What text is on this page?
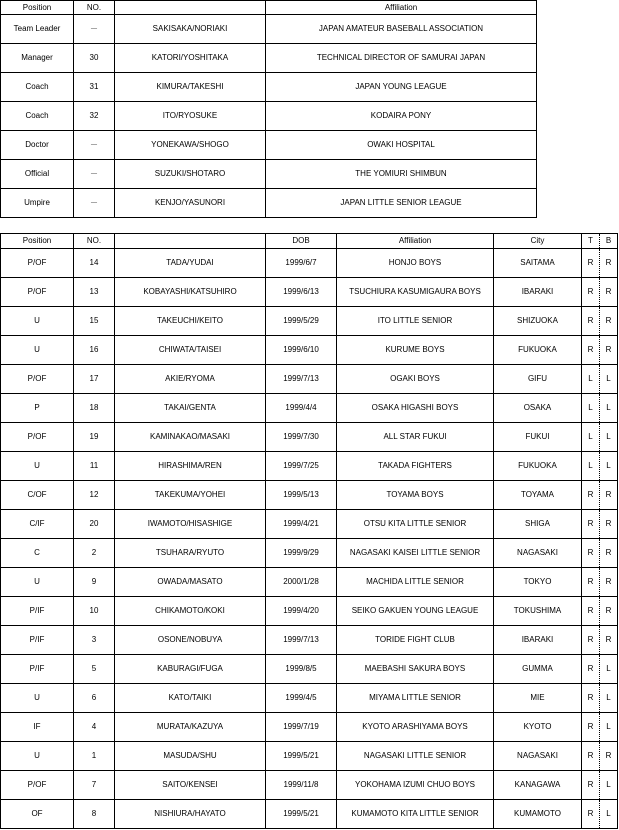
Position	NO.		Affiliation
Team Leader	－	SAKISAKA/NORIAKI	JAPAN AMATEUR BASEBALL ASSOCIATION
Manager	30	KATORI/YOSHITAKA	TECHNICAL DIRECTOR OF SAMURAI JAPAN
Coach	31	KIMURA/TAKESHI	JAPAN YOUNG LEAGUE
Coach	32	ITO/RYOSUKE	KODAIRA PONY
Doctor	－	YONEKAWA/SHOGO	OWAKI HOSPITAL
Official	－	SUZUKI/SHOTARO	THE YOMIURI SHIMBUN
Umpire	－	KENJO/YASUNORI	JAPAN LITTLE SENIOR LEAGUE
Position	NO.		DOB	Affiliation	City	T	B
P/OF	14	TADA/YUDAI	1999/6/7	HONJO BOYS	SAITAMA	R	R
P/OF	13	KOBAYASHI/KATSUHIRO	1999/6/13	TSUCHIURA KASUMIGAURA BOYS	IBARAKI	R	R
U	15	TAKEUCHI/KEITO	1999/5/29	ITO LITTLE SENIOR	SHIZUOKA	R	R
U	16	CHIWATA/TAISEI	1999/6/10	KURUME BOYS	FUKUOKA	R	R
P/OF	17	AKIE/RYOMA	1999/7/13	OGAKI BOYS	GIFU	L	L
P	18	TAKAI/GENTA	1999/4/4	OSAKA HIGASHI BOYS	OSAKA	L	L
P/OF	19	KAMINAKAO/MASAKI	1999/7/30	ALL STAR FUKUI	FUKUI	L	L
U	11	HIRASHIMA/REN	1999/7/25	TAKADA FIGHTERS	FUKUOKA	L	L
C/OF	12	TAKEKUMA/YOHEI	1999/5/13	TOYAMA BOYS	TOYAMA	R	R
C/IF	20	IWAMOTO/HISASHIGE	1999/4/21	OTSU KITA LITTLE SENIOR	SHIGA	R	R
C	2	TSUHARA/RYUTO	1999/9/29	NAGASAKI KAISEI LITTLE SENIOR	NAGASAKI	R	R
U	9	OWADA/MASATO	2000/1/28	MACHIDA LITTLE SENIOR	TOKYO	R	R
P/IF	10	CHIKAMOTO/KOKI	1999/4/20	SEIKO GAKUEN YOUNG LEAGUE	TOKUSHIMA	R	R
P/IF	3	OSONE/NOBUYA	1999/7/13	TORIDE FIGHT CLUB	IBARAKI	R	R
P/IF	5	KABURAGI/FUGA	1999/8/5	MAEBASHI SAKURA BOYS	GUMMA	R	L
U	6	KATO/TAIKI	1999/4/5	MIYAMA LITTLE SENIOR	MIE	R	L
IF	4	MURATA/KAZUYA	1999/7/19	KYOTO ARASHIYAMA BOYS	KYOTO	R	L
U	1	MASUDA/SHU	1999/5/21	NAGASAKI LITTLE SENIOR	NAGASAKI	R	R
P/OF	7	SAITO/KENSEI	1999/11/8	YOKOHAMA IZUMI CHUO BOYS	KANAGAWA	R	L
OF	8	NISHIURA/HAYATO	1999/5/21	KUMAMOTO KITA LITTLE SENIOR	KUMAMOTO	R	L
